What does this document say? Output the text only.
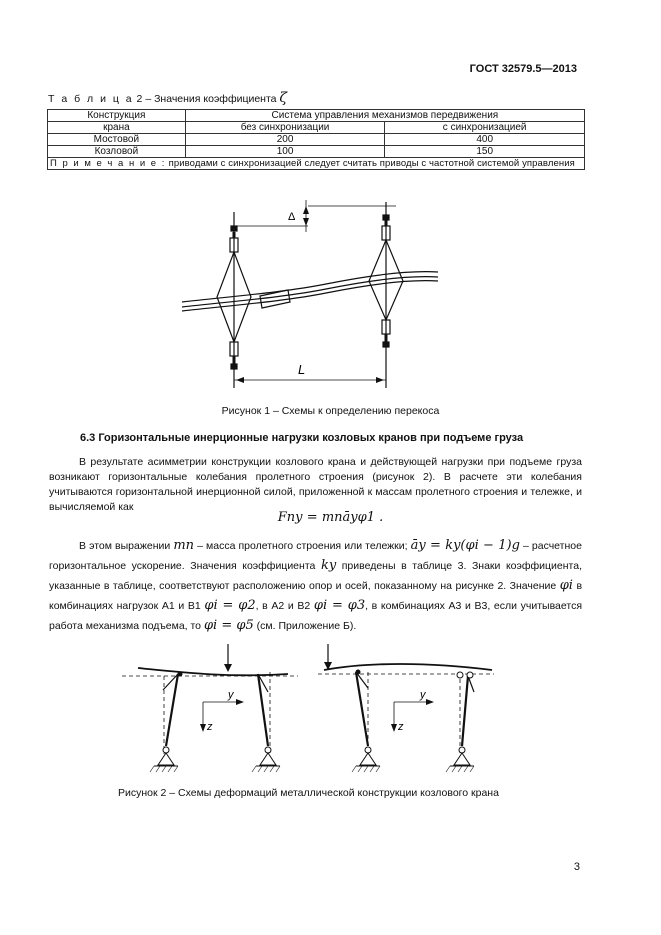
ГОСТ 32579.5—2013
Т а б л и ц а 2 – Значения коэффициента ζ
Конструкция	Система управления механизмов передвижения	
крана	без синхронизации	с синхронизацией
Мостовой	200	400
Козловой	100	150
П р и м е ч а н и е : приводами с синхронизацией следует считать приводы с частотной системой управления		
Δ
L
Рисунок 1 – Схемы к определению перекоса
6.3 Горизонтальные инерционные нагрузки козловых кранов при подъеме груза
В результате асимметрии конструкции козлового крана и действующей нагрузки при подъеме груза возникают горизонтальные колебания пролетного строения (рисунок 2). В расчете эти колебания учитываются горизонтальной инерционной силой, приложенной к массам пролетного строения и тележке, и вычисляемой как
Fпу = mпāyφ1 .
В этом выражении mп – масса пролетного строения или тележки; āy = ky(φi − 1)g – расчетное горизонтальное ускорение. Значения коэффициента ky приведены в таблице 3. Знаки коэффициента, указанные в таблице, соответствуют расположению опор и осей, показанному на рисунке 2. Значение φi в комбинациях нагрузок А1 и В1 φi = φ2, в А2 и В2 φi = φ3, в комбинациях А3 и В3, если учитывается работа механизма подъема, то φi = φ5 (см. Приложение Б).
y
z
y
z
Рисунок 2 – Схемы деформаций металлической конструкции козлового крана
3
